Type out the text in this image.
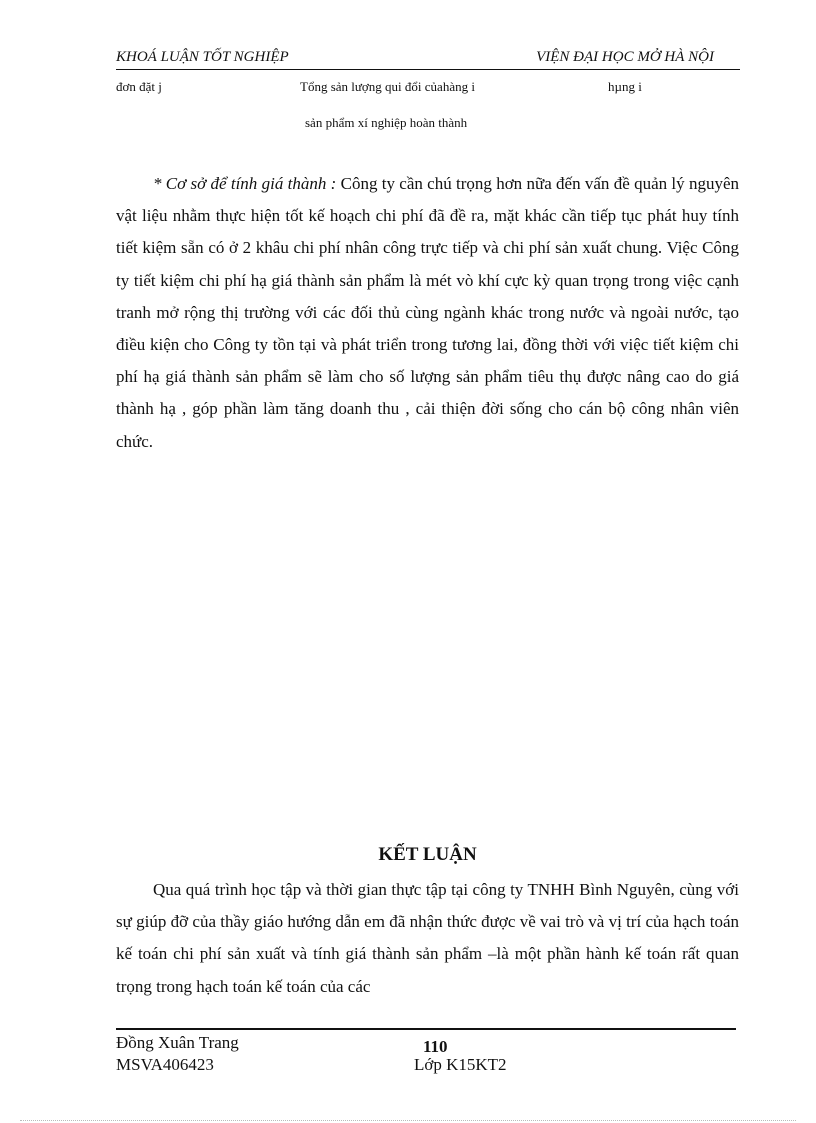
KHOÁ LUẬN TỐT NGHIỆP	VIỆN ĐẠI HỌC MỞ HÀ NỘI
đơn đặt j	Tổng sản lượng qui đổi củahàng i	hµng i
sản phẩm xí nghiệp hoàn thành

* Cơ sở để tính giá thành : Công ty cần chú trọng hơn nữa đến vấn đề quản lý nguyên vật liệu nhằm thực hiện tốt kế hoạch chi phí đã đề ra, mặt khác cần tiếp tục phát huy tính tiết kiệm sẵn có ở 2 khâu chi phí nhân công trực tiếp và chi phí sản xuất chung. Việc Công ty tiết kiệm chi phí hạ giá thành sản phẩm là mét vò khí cực kỳ quan trọng trong việc cạnh tranh mở rộng thị trường với các đối thủ cùng ngành khác trong nước và ngoài nước, tạo điều kiện cho Công ty tồn tại và phát triển trong tương lai, đồng thời với việc tiết kiệm chi phí hạ giá thành sản phẩm sẽ làm cho số lượng sản phẩm tiêu thụ được nâng cao do giá thành hạ , góp phần làm tăng doanh thu , cải thiện đời sống cho cán bộ công nhân viên chức.

KẾT LUẬN

Qua quá trình học tập và thời gian thực tập tại công ty TNHH Bình Nguyên, cùng với sự giúp đỡ của thầy giáo hướng dẫn em đã nhận thức được về vai trò và vị trí của hạch toán kế toán chi phí sản xuất và tính giá thành sản phẩm –là một phần hành kế toán rất quan trọng trong hạch toán kế toán của các

Đồng Xuân Trang
MSVA406423
110
Lớp K15KT2
